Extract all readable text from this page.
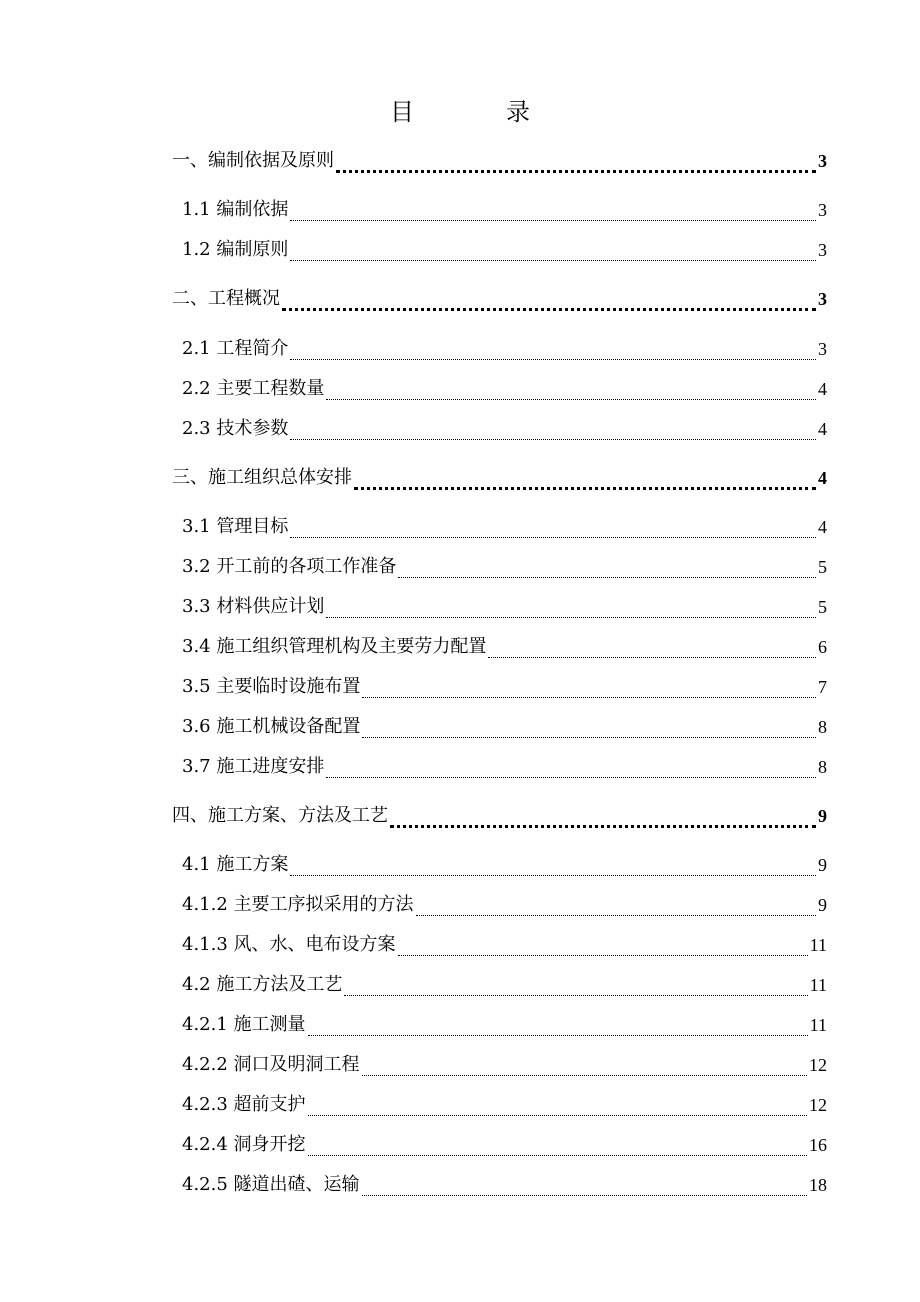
目	录
一、编制依据及原则	3
1.1 编制依据	3
1.2 编制原则	3
二、工程概况	3
2.1 工程简介	3
2.2 主要工程数量	4
2.3 技术参数	4
三、施工组织总体安排	4
3.1 管理目标	4
3.2 开工前的各项工作准备	5
3.3 材料供应计划	5
3.4 施工组织管理机构及主要劳力配置	6
3.5 主要临时设施布置	7
3.6 施工机械设备配置	8
3.7 施工进度安排	8
四、施工方案、方法及工艺	9
4.1 施工方案	9
4.1.2 主要工序拟采用的方法	9
4.1.3 风、水、电布设方案	11
4.2 施工方法及工艺	11
4.2.1 施工测量	11
4.2.2 洞口及明洞工程	12
4.2.3 超前支护	12
4.2.4 洞身开挖	16
4.2.5 隧道出碴、运输	18
